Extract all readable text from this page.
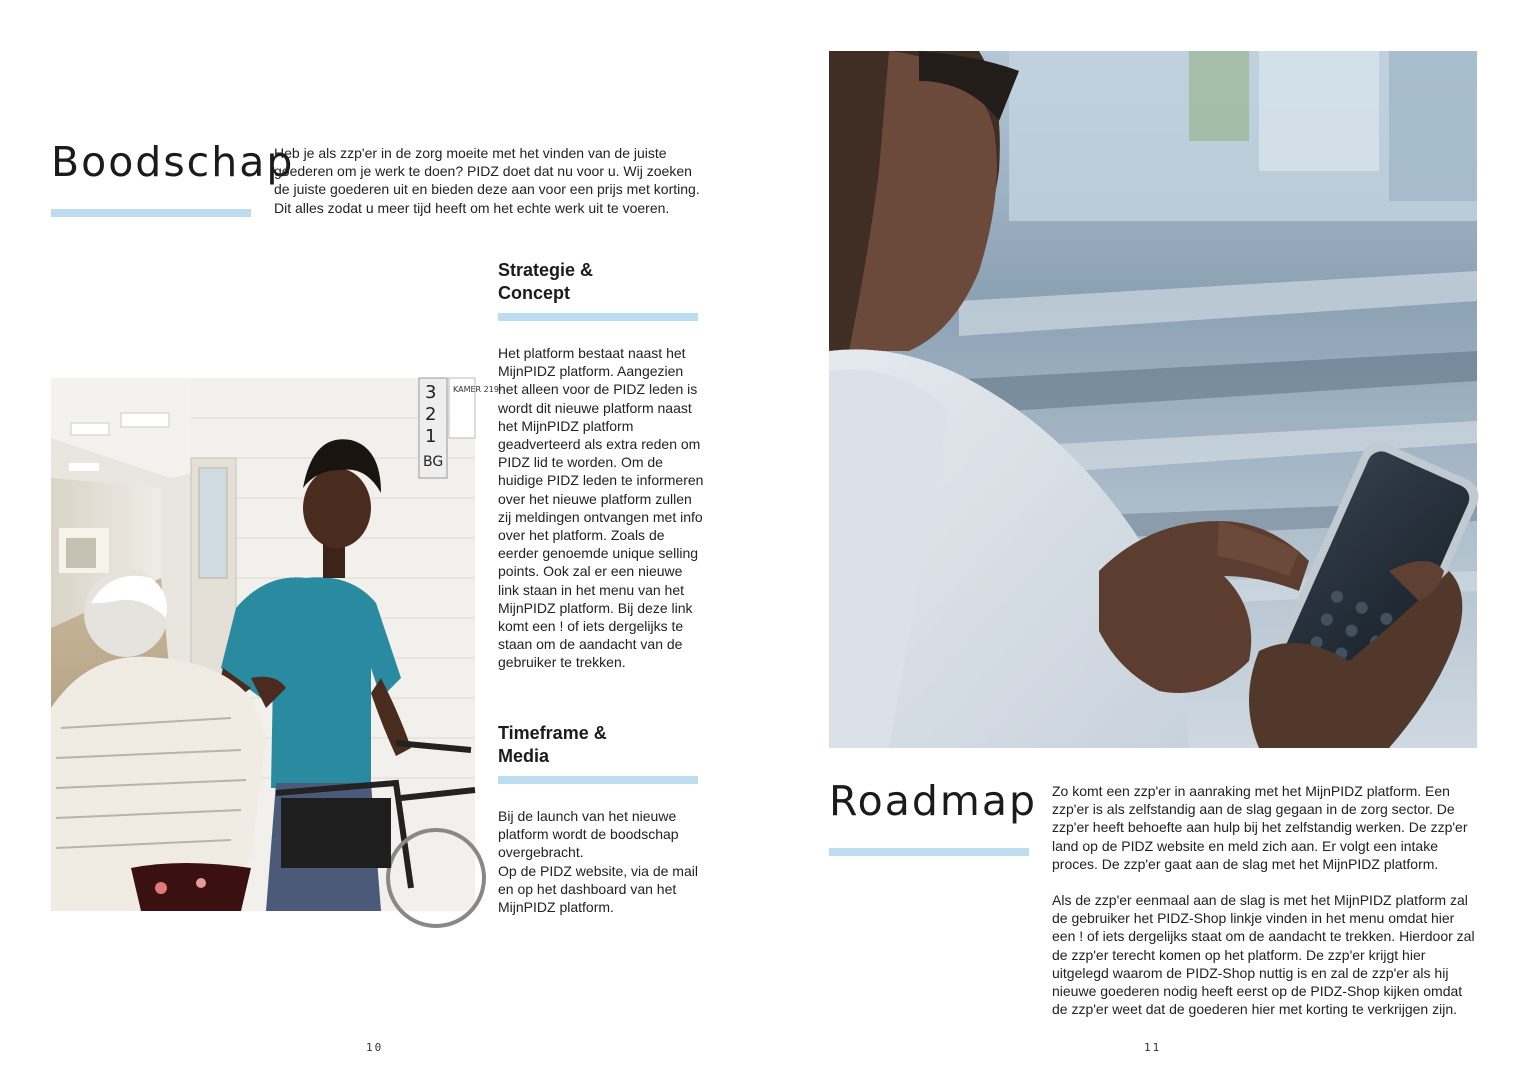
Boodschap

Heb je als zzp'er in de zorg moeite met het vinden van de juiste goederen om je werk te doen? PIDZ doet dat nu voor u. Wij zoeken de juiste goederen uit en bieden deze aan voor een prijs met korting. Dit alles zodat u meer tijd heeft om het echte werk uit te voeren.

Strategie &
Concept

Het platform bestaat naast het MijnPIDZ platform. Aangezien het alleen voor de PIDZ leden is wordt dit nieuwe platform naast het MijnPIDZ platform geadverteerd als extra reden om PIDZ lid te worden. Om de huidige PIDZ leden te informeren over het nieuwe platform zullen zij meldingen ontvangen met info over het platform. Zoals de eerder genoemde unique selling points. Ook zal er een nieuwe link staan in het menu van het MijnPIDZ platform. Bij deze link komt een ! of iets dergelijks te staan om de aandacht van de gebruiker te trekken.

Timeframe &
Media

Bij de launch van het nieuwe platform wordt de boodschap overgebracht.

Op de PIDZ website, via de mail en op het dashboard van het MijnPIDZ platform.

KAMER 219-
3
2
1
BG
10
Roadmap Zo komt een zzp'er in aanraking met het MijnPIDZ platform. Een zzp'er is als zelfstandig aan de slag gegaan in de zorg sector. De zzp'er heeft behoefte aan hulp bij het zelfstandig werken. De zzp'er land op de PIDZ website en meld zich aan. Er volgt een intake proces. De zzp'er gaat aan de slag met het MijnPIDZ platform.

Als de zzp'er eenmaal aan de slag is met het MijnPIDZ platform zal de gebruiker het PIDZ-Shop linkje vinden in het menu omdat hier een ! of iets dergelijks staat om de aandacht te trekken. Hierdoor zal de zzp'er terecht komen op het platform. De zzp'er krijgt hier uitgelegd waarom de PIDZ-Shop nuttig is en zal de zzp'er als hij nieuwe goederen nodig heeft eerst op de PIDZ-Shop kijken omdat de zzp'er weet dat de goederen hier met korting te verkrijgen zijn.

11
